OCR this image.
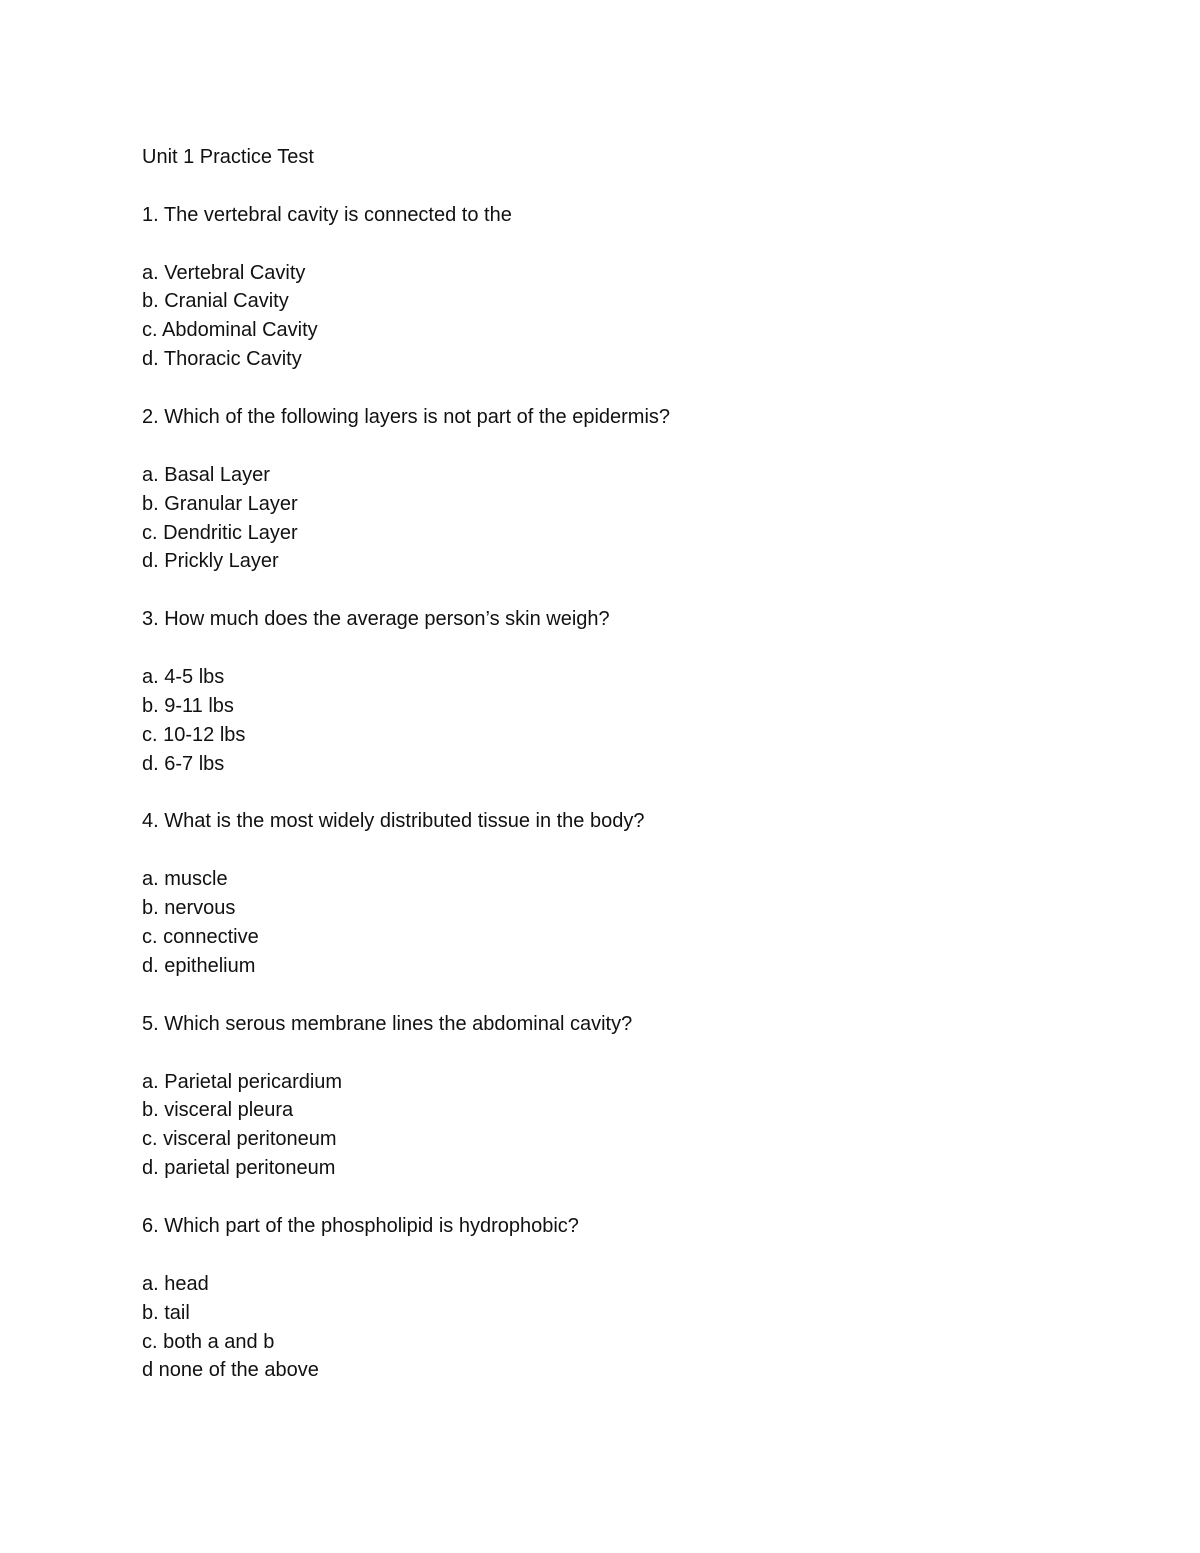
Unit 1 Practice Test
1. The vertebral cavity is connected to the
a. Vertebral Cavity
b. Cranial Cavity
c. Abdominal Cavity
d. Thoracic Cavity
2. Which of the following layers is not part of the epidermis?
a. Basal Layer
b. Granular Layer
c. Dendritic Layer
d. Prickly Layer
3. How much does the average person’s skin weigh?
a. 4-5 lbs
b. 9-11 lbs
c. 10-12 lbs
d. 6-7 lbs
4. What is the most widely distributed tissue in the body?
a. muscle
b. nervous
c. connective
d. epithelium
5. Which serous membrane lines the abdominal cavity?
a. Parietal pericardium
b. visceral pleura
c. visceral peritoneum
d. parietal peritoneum
6. Which part of the phospholipid is hydrophobic?
a. head
b. tail
c. both a and b
d none of the above
